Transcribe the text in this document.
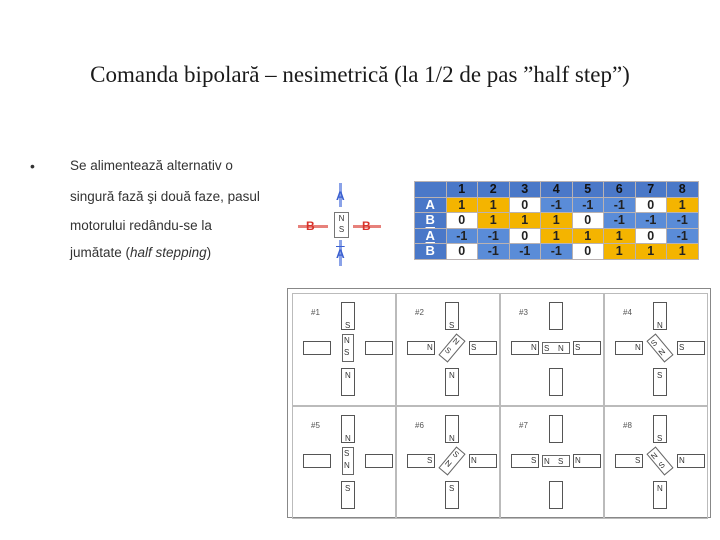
Comanda bipolară – nesimetrică (la 1/2 de pas ”half step”)
•	Se alimentează alternativ o
singură fază şi două faze, pasul
motorului redându-se la
jumătate (half stepping)
A
$\overline{A}$
B	B
N
S
	1	2	3	4	5	6	7	8
A	1	1	0	-1	-1	-1	0	1
B	0	1	1	1	0	-1	-1	-1
$\overline{A}$	-1	-1	0	1	1	1	0	-1
$\overline{B}$	0	-1	-1	-1	0	1	1	1
#1
S
N
N
S
#2
S
N
N	S
N
S
#3
N	S
S N
#4
N
S
N	S
S
N
#5
N
S
S
N
#6
N
S
S	N
S
N
#7
S	N
N S
#8
S
N
S	N
N
S
